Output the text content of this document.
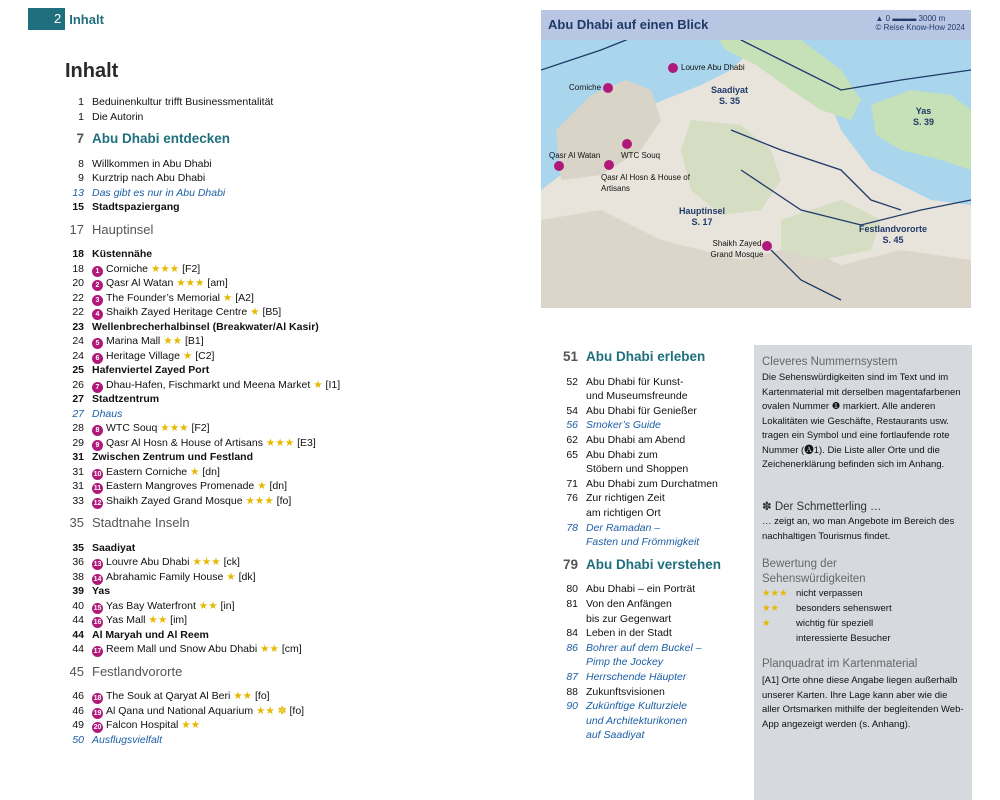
2 Inhalt
Inhalt
1 Beduinenkultur trifft Businessmentalität
1 Die Autorin
7 Abu Dhabi entdecken
8 Willkommen in Abu Dhabi
9 Kurztrip nach Abu Dhabi
13 Das gibt es nur in Abu Dhabi
15 Stadtspaziergang
17 Hauptinsel
18 Küstennähe
18	1 Corniche ★★★ [F2]
20	2 Qasr Al Watan ★★★ [am]
22	3 The Founder’s Memorial ★ [A2]
22	4 Shaikh Zayed Heritage Centre ★ [B5]
23 Wellenbrecherhalbinsel (Breakwater/Al Kasir)
24	5 Marina Mall ★★ [B1]
24	6 Heritage Village ★ [C2]
25 Hafenviertel Zayed Port
26	7 Dhau-Hafen, Fischmarkt und Meena Market ★ [I1]
27 Stadtzentrum
27 Dhaus
28	8 WTC Souq ★★★ [F2]
29	9 Qasr Al Hosn & House of Artisans ★★★ [E3]
31 Zwischen Zentrum und Festland
31	10 Eastern Corniche ★ [dn]
31	11 Eastern Mangroves Promenade ★ [dn]
33	12 Shaikh Zayed Grand Mosque ★★★ [fo]
35 Stadtnahe Inseln
35 Saadiyat
36	13 Louvre Abu Dhabi ★★★ [ck]
38	14 Abrahamic Family House ★ [dk]
39 Yas
40	15 Yas Bay Waterfront ★★ [in]
44	16 Yas Mall ★★ [im]
44 Al Maryah und Al Reem
44	17 Reem Mall und Snow Abu Dhabi ★★ [cm]
45 Festlandvororte
46	18 The Souk at Qaryat Al Beri ★★ [fo]
46	19 Al Qana und National Aquarium ★★ ✽ [fo]
49	20 Falcon Hospital ★★
50 Ausflugsvielfalt
Saadiyat
S. 35
Yas
S. 39
Hauptinsel
S. 17
Festlandvororte
S. 45
Louvre Abu Dhabi
Corniche
Qasr Al Watan	WTC Souq
Qasr Al Hosn & House of Artisans
Shaikh Zayed Grand Mosque
Abu Dhabi auf einen Blick	▲ 0 ▬▬▬ 3000 m
© Reise Know-How 2024
51 Abu Dhabi erleben
52 Abu Dhabi für Kunst-
und Museumsfreunde
54 Abu Dhabi für Genießer
56 Smoker’s Guide
62 Abu Dhabi am Abend
65 Abu Dhabi zum
Stöbern und Shoppen
71 Abu Dhabi zum Durchatmen
76 Zur richtigen Zeit
am richtigen Ort
78 Der Ramadan –
Fasten und Frömmigkeit
79 Abu Dhabi verstehen
80 Abu Dhabi – ein Porträt
81 Von den Anfängen
bis zur Gegenwart
84 Leben in der Stadt
86 Bohrer auf dem Buckel –
Pimp the Jockey
87 Herrschende Häupter
88 Zukunftsvisionen
90 Zukünftige Kulturziele
und Architekturikonen
auf Saadiyat
Cleveres Nummernsystem
Die Sehenswürdigkeiten sind im Text und im Kartenmaterial mit derselben magentafarbenen ovalen Nummer ❶ markiert. Alle anderen Lokalitäten wie Geschäfte, Restaurants usw. tragen ein Symbol und eine fortlaufende rote Nummer (🅐1). Die Liste aller Orte und die Zeichenerklärung befinden sich im Anhang.
✽ Der Schmetterling …
… zeigt an, wo man Angebote im Bereich des nachhaltigen Tourismus findet.
Bewertung der Sehenswürdigkeiten
★★★ nicht verpassen
★★ besonders sehenswert
★	wichtig für speziell interessierte Besucher
Planquadrat im Kartenmaterial
[A1] Orte ohne diese Angabe liegen außerhalb unserer Karten. Ihre Lage kann aber wie die aller Ortsmarken mithilfe der begleitenden Web-App angezeigt werden (s. Anhang).
